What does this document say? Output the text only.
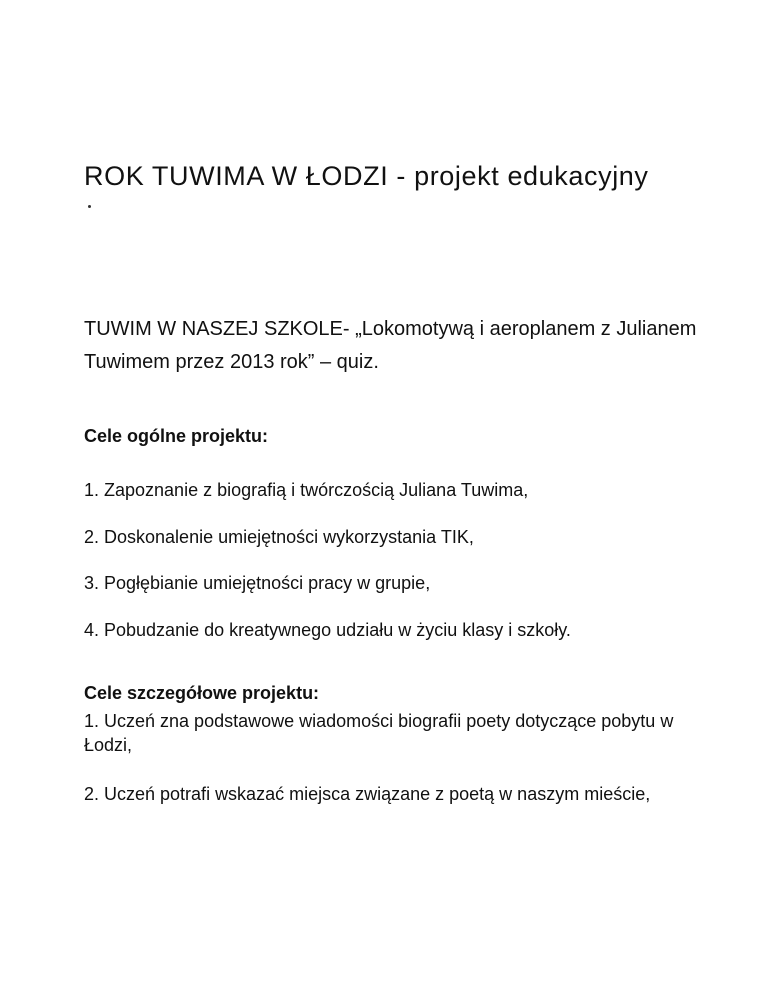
ROK TUWIMA W ŁODZI - projekt edukacyjny

TUWIM W NASZEJ SZKOLE- „Lokomotywą i aeroplanem z Julianem Tuwimem przez 2013 rok” – quiz.

Cele ogólne projektu:
1. Zapoznanie z biografią i twórczością Juliana Tuwima,
2. Doskonalenie umiejętności wykorzystania TIK,
3. Pogłębianie umiejętności pracy w grupie,
4. Pobudzanie do kreatywnego udziału w życiu klasy i szkoły.
Cele szczegółowe projektu:
1. Uczeń zna podstawowe wiadomości biografii poety dotyczące pobytu w Łodzi,
2. Uczeń potrafi wskazać miejsca związane z poetą w naszym mieście,
